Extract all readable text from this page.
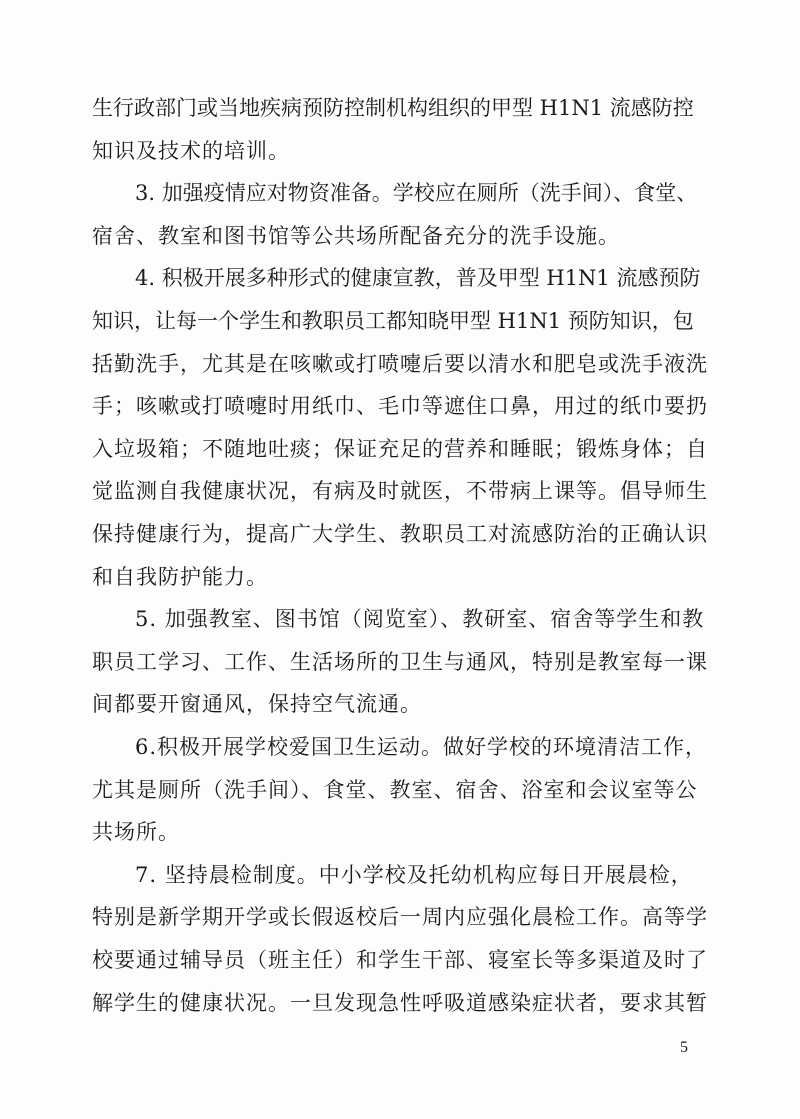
生行政部门或当地疾病预防控制机构组织的甲型 H1N1 流感防控
知识及技术的培训。
3. 加强疫情应对物资准备。学校应在厕所（洗手间）、食堂、
宿舍、教室和图书馆等公共场所配备充分的洗手设施。
4. 积极开展多种形式的健康宣教，普及甲型 H1N1 流感预防
知识，让每一个学生和教职员工都知晓甲型 H1N1 预防知识，包
括勤洗手，尤其是在咳嗽或打喷嚏后要以清水和肥皂或洗手液洗
手；咳嗽或打喷嚏时用纸巾、毛巾等遮住口鼻，用过的纸巾要扔
入垃圾箱；不随地吐痰；保证充足的营养和睡眠；锻炼身体；自
觉监测自我健康状况，有病及时就医，不带病上课等。倡导师生
保持健康行为，提高广大学生、教职员工对流感防治的正确认识
和自我防护能力。
5. 加强教室、图书馆（阅览室）、教研室、宿舍等学生和教
职员工学习、工作、生活场所的卫生与通风，特别是教室每一课
间都要开窗通风，保持空气流通。
6.积极开展学校爱国卫生运动。做好学校的环境清洁工作，
尤其是厕所（洗手间）、食堂、教室、宿舍、浴室和会议室等公
共场所。
7. 坚持晨检制度。中小学校及托幼机构应每日开展晨检，
特别是新学期开学或长假返校后一周内应强化晨检工作。高等学
校要通过辅导员（班主任）和学生干部、寝室长等多渠道及时了
解学生的健康状况。一旦发现急性呼吸道感染症状者，要求其暂
5
